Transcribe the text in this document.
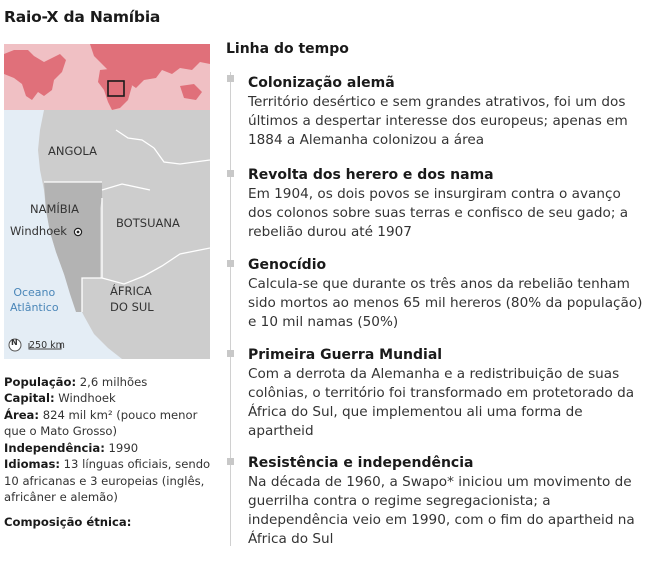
Raio-X da Namíbia
ANGOLA
NAMÍBIA
Windhoek
BOTSUANA
ÁFRICA
DO SUL
Oceano
Atlântico
N 250 km
População: 2,6 milhões
Capital: Windhoek
Área: 824 mil km² (pouco menor que o Mato Grosso)
Independência: 1990
Idiomas: 13 línguas oficiais, sendo 10 africanas e 3 europeias (inglês, africâner e alemão)
Composição étnica:
Linha do tempo
Colonização alemã
Território desértico e sem grandes atrativos, foi um dos últimos a despertar interesse dos europeus; apenas em 1884 a Alemanha colonizou a área
Revolta dos herero e dos nama
Em 1904, os dois povos se insurgiram contra o avanço dos colonos sobre suas terras e confisco de seu gado; a rebelião durou até 1907
Genocídio
Calcula-se que durante os três anos da rebelião tenham sido mortos ao menos 65 mil hereros (80% da população) e 10 mil namas (50%)
Primeira Guerra Mundial
Com a derrota da Alemanha e a redistribuição de suas colônias, o território foi transformado em protetorado da África do Sul, que implementou ali uma forma de apartheid
Resistência e independência
Na década de 1960, a Swapo* iniciou um movimento de guerrilha contra o regime segregacionista; a independência veio em 1990, com o fim do apartheid na África do Sul
